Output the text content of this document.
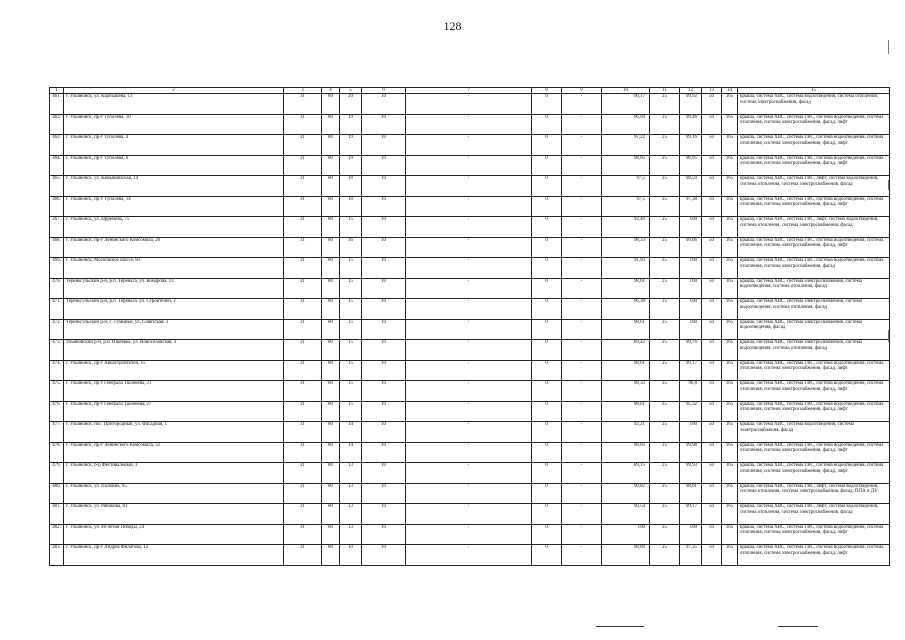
128
1	2	3	4	5	6	7	8	9	10	11	12	13	14	15
461.	г. Ульяновск, ул. Карбышева, 13	31	80	20	10	-	0	-	90,17	25	99,92	50	165	крыша, система ХВС, система водоотведения, система отопления, система электроснабжения, фасад
462.	г. Ульяновск, пр-т Туполева, 10	31	80	19	10	-	0	-	96,94	25	99,46	50	165	крыша, система ХВС, система ГВС, система водоотведения, система отопления, система электроснабжения, фасад, лифт
463.	г. Ульяновск, пр-т Туполева, 4	31	80	19	10	-	0	-	97,22	25	99,16	50	165	крыша, система ХВС, система ГВС, система водоотведения, система отопления, система электроснабжения, фасад, лифт
464.	г. Ульяновск, пр-т Туполева, 6	31	80	19	10	-	0	-	98,05	25	96,95	50	165	крыша, система ХВС, система ГВС, система водоотведения, система отопления, система электроснабжения, фасад, лифт
465.	г. Ульяновск, ул. Камышинская, 14	31	80	18	10	-	0	-	97,5	25	98,59	50	165	крыша, система ХВС, система ГВС, лифт, система водоотведения, система отопления, система электроснабжения, фасад
466.	г. Ульяновск, пр-т Туполева, 14	31	80	18	10	-	0	-	97,5	25	97,38	50	165	крыша, система ХВС, система ГВС, система водоотведения, система отопления, система электроснабжения, фасад, лифт
467.	г. Ульяновск, ул. Ефремова, 75	31	80	15	10	-	0	-	92,49	25	100	50	165	крыша, система ХВС, система ГВС, лифт, система водоотведения, система отопления, система электроснабжения, фасад
468.	г. Ульяновск, пр-т Ленинского Комсомола, 26	31	80	16	10	-	0	-	98,33	25	99,06	50	165	крыша, система ХВС, система ГВС, система водоотведения, система отопления, система электроснабжения, фасад, лифт
469.	г. Ульяновск, Московское шоссе, 83	31	80	15	10	-	0	-	91,93	25	100	50	165	крыша, система ХВС, система ГВС, система водоотведения, система отопления, система электроснабжения, фасад
470.	Тереньгульский р-н, р.п. Тереньга, ул. Комарова, 13	31	80	15	10	-	0	-	98,61	25	100	50	165	крыша, система ХВС, система электроснабжения, система водоотведения, система отопления, фасад
471.	Тереньгульский р-н, р.п. Тереньга, ул. Строителей, 2	31	80	15	10	-	0	-	96,38	25	100	50	165	крыша, система ХВС, система электроснабжения, система водоотведения, система отопления, фасад
472.	Тереньгульский р-н, с. Гуминки, ул. Советская, 3	31	80	15	10	-	0	-	98,61	25	100	50	165	крыша, система ХВС, система электроснабжения, система водоотведения, фасад
473.	Ульяновский р-н, р.п. Ишеевка, ул. Новоселовская, 3	31	80	15	10	-	0	-	89,42	25	99,76	50	165	крыша, система ХВС, система электроснабжения, система водоотведения, система отопления, фасад
474.	г. Ульяновск, пр-т Авиастроителей, 15	31	80	15	10	-	0	-	98,61	25	99,17	50	165	крыша, система ХВС, система ГВС, система водоотведения, система отопления, система электроснабжения, фасад, лифт
475.	г. Ульяновск, пр-т Генерала Тюленева, 21	31	80	15	10	-	0	-	98,33	25	96,8	50	165	крыша, система ХВС, система ГВС, система водоотведения, система отопления, система электроснабжения, фасад, лифт
476.	г. Ульяновск, пр-т Генерала Тюленева, 27	31	80	15	10	-	0	-	98,61	25	95,32	50	165	крыша, система ХВС, система ГВС, система водоотведения, система отопления, система электроснабжения, фасад, лифт
477.	г. Ульяновск, пос. Пригородный, ул. Фасадная, 1	31	80	14	10	-	0	-	92,21	25	100	50	165	крыша, система ХВС, система водоотведения, система электроснабжения, фасад
478.	г. Ульяновск, пр-т Ленинского Комсомола, 32	31	80	14	10	-	0	-	98,05	25	99,98	50	165	крыша, система ХВС, система ГВС, система водоотведения, система отопления, система электроснабжения, фасад, лифт
479.	г. Ульяновск, б-р Фестивальный, 3	31	80	13	10	-	0	-	89,15	25	99,93	50	165	крыша, система ХВС, система ГВС, система водоотведения, система отопления, система электроснабжения, фасад, лифт
480.	г. Ульяновск, ул. Полбина, 65	31	80	13	10	-	0	-	90,82	25	98,61	50	165	крыша, система ХВС, система ГВС, лифт, система водоотведения, система отопления, система электроснабжения, фасад, ППА и ДУ
481.	г. Ульяновск, ул. Рябикова, 83	31	80	13	10	-	0	-	90,54	25	99,17	50	165	крыша, система ХВС, система ГВС, лифт, система водоотведения, система отопления, система электроснабжения, фасад
482.	г. Ульяновск, ул. 40-летия Победы, 24	31	80	13	10	-	0	-	100	25	100	50	165	крыша, система ХВС, система ГВС, система водоотведения, система отопления, система электроснабжения, фасад, лифт
483.	г. Ульяновск, пр-т Андрея Филатова, 12	31	80	10	10	-	0	-	98,89	25	97,35	50	165	крыша, система ХВС, система ГВС, система водоотведения, система отопления, система электроснабжения, фасад, лифт
